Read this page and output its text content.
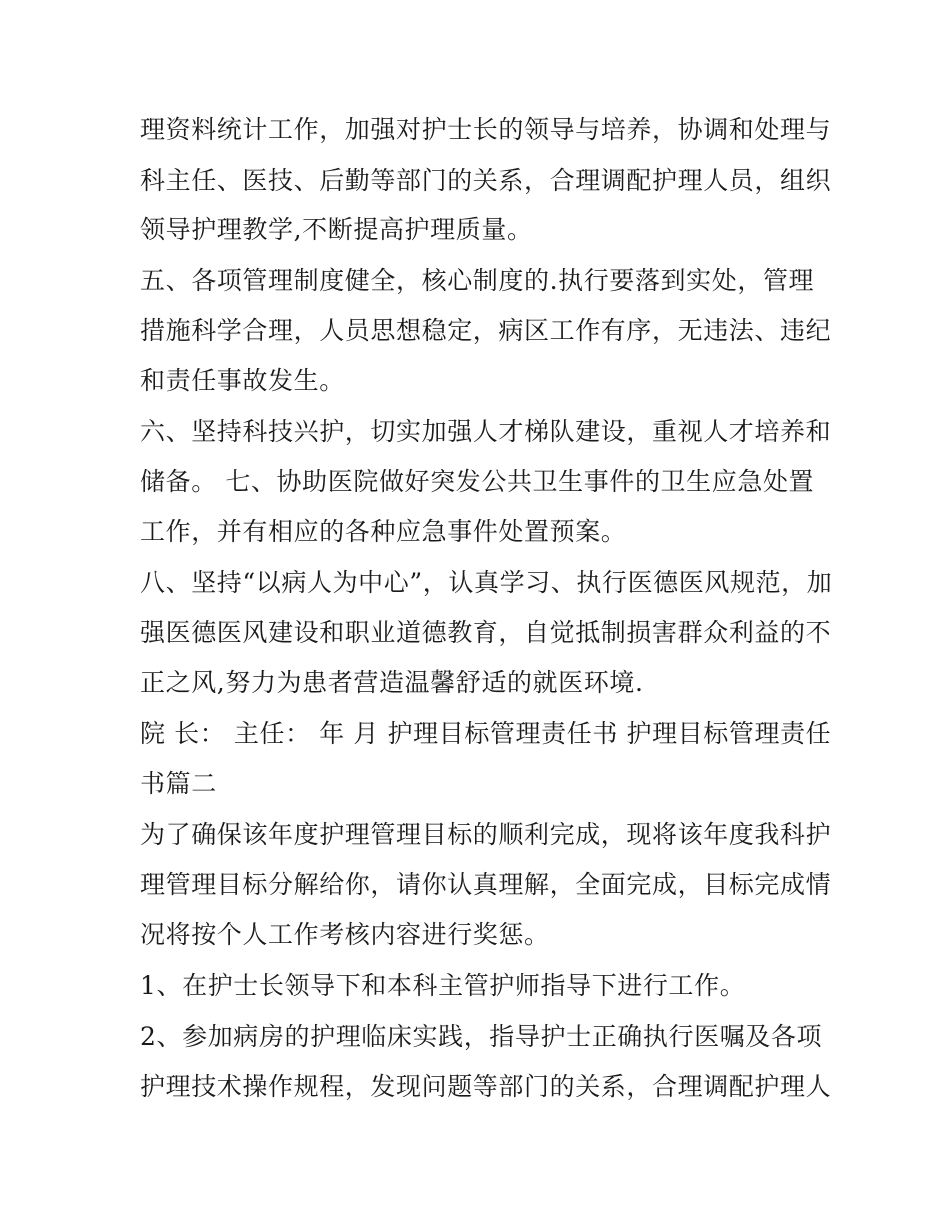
理资料统计工作，加强对护士长的领导与培养，协调和处理与
科主任、医技、后勤等部门的关系，合理调配护理人员，组织
领导护理教学,不断提高护理质量。
五、各项管理制度健全，核心制度的.执行要落到实处，管理
措施科学合理，人员思想稳定，病区工作有序，无违法、违纪
和责任事故发生。
六、坚持科技兴护，切实加强人才梯队建设，重视人才培养和
储备。 七、协助医院做好突发公共卫生事件的卫生应急处置
工作，并有相应的各种应急事件处置预案。
八、坚持“以病人为中心”，认真学习、执行医德医风规范，加
强医德医风建设和职业道德教育，自觉抵制损害群众利益的不
正之风,努力为患者营造温馨舒适的就医环境.
院 长： 主任： 年 月 护理目标管理责任书 护理目标管理责任
书篇二
为了确保该年度护理管理目标的顺利完成，现将该年度我科护
理管理目标分解给你，请你认真理解，全面完成，目标完成情
况将按个人工作考核内容进行奖惩。
1、在护士长领导下和本科主管护师指导下进行工作。
2、参加病房的护理临床实践，指导护士正确执行医嘱及各项
护理技术操作规程，发现问题等部门的关系，合理调配护理人
